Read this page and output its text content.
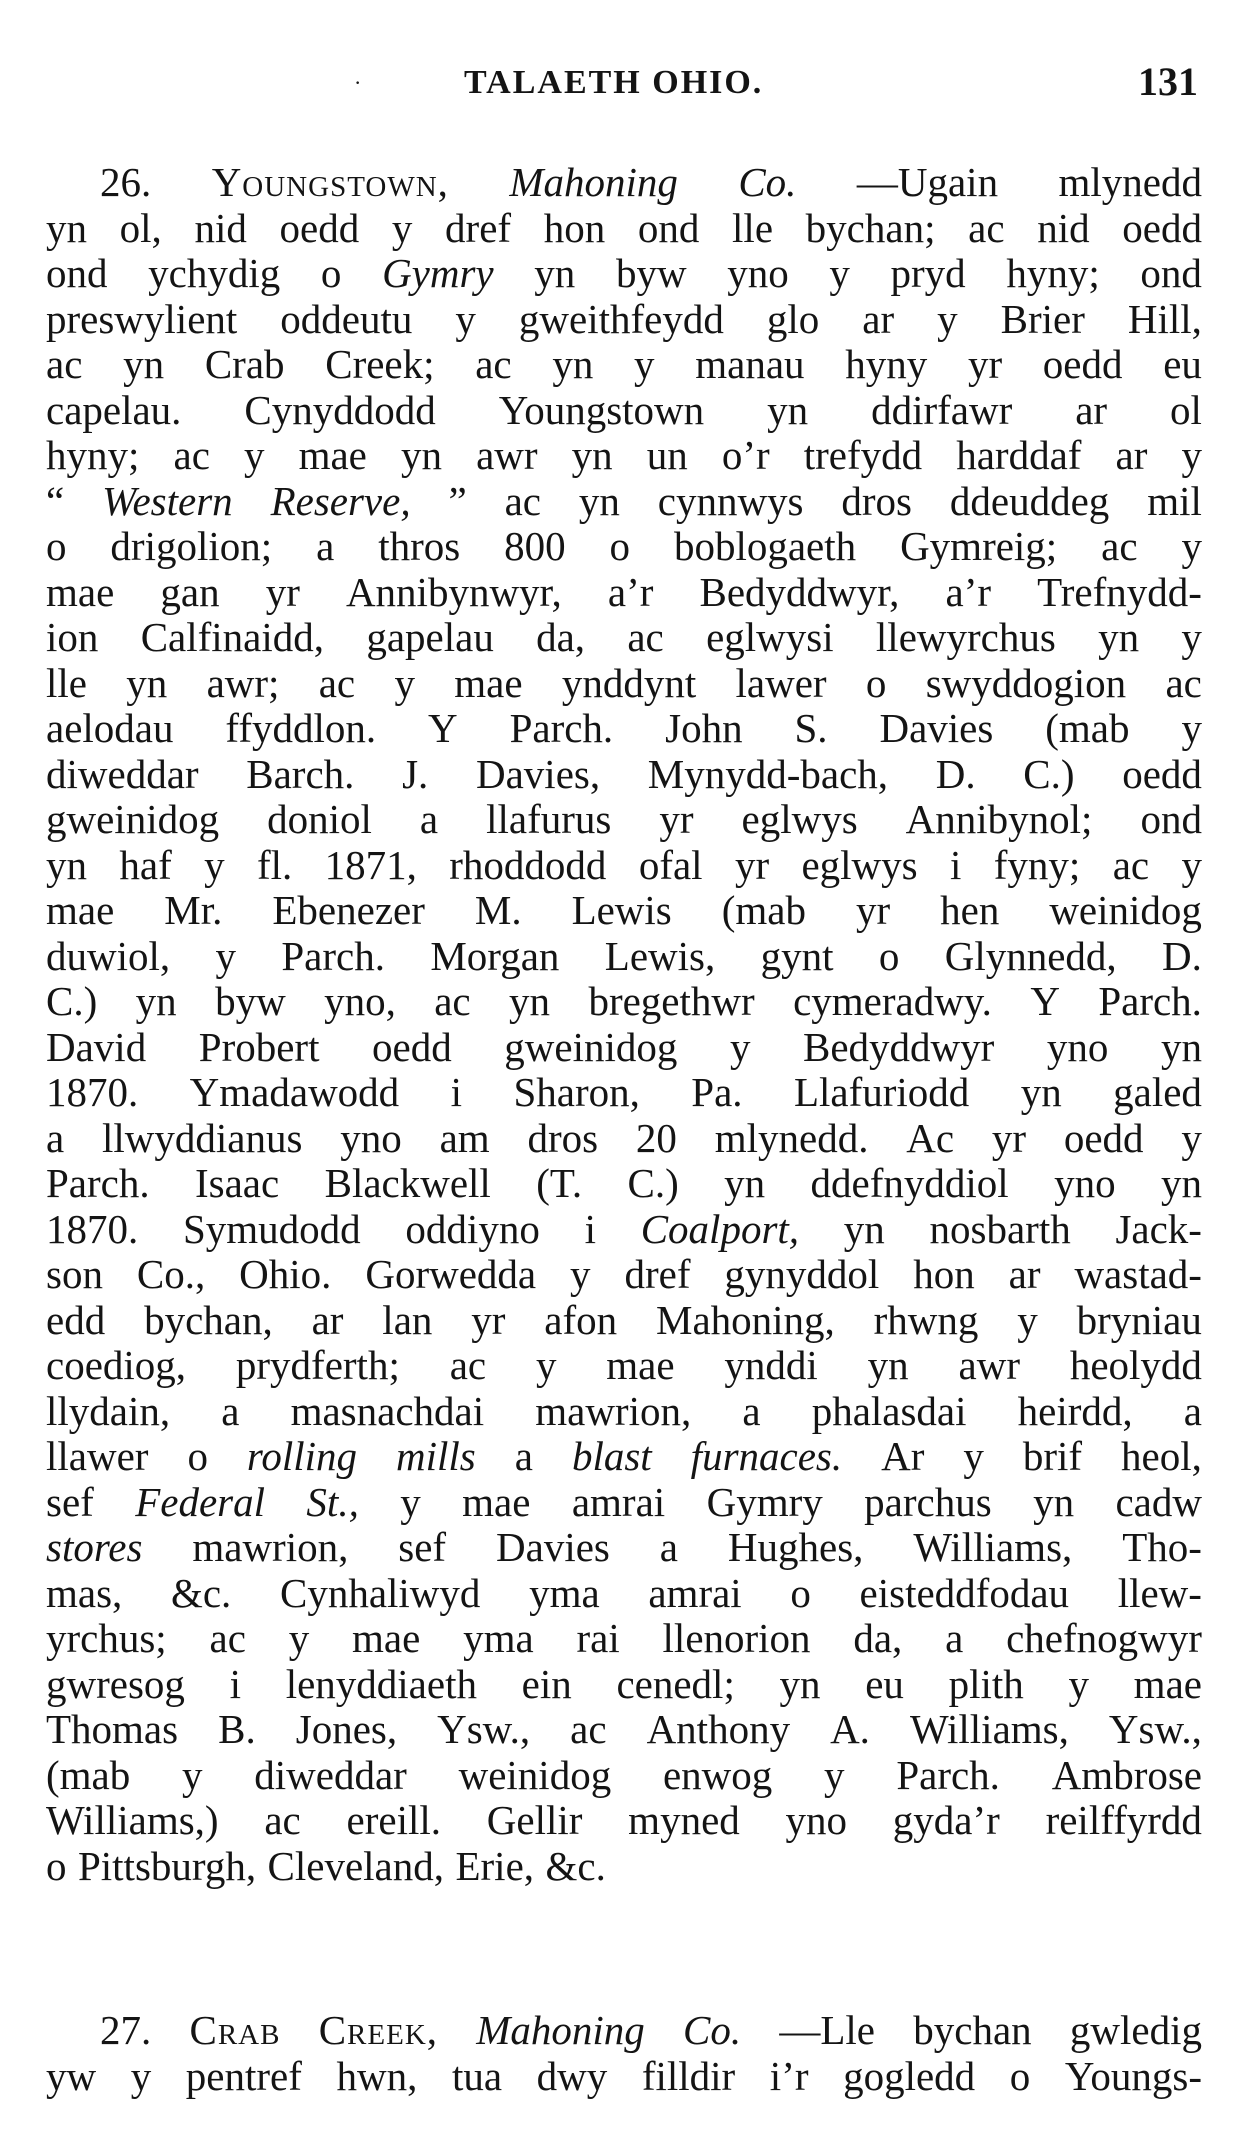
·	TALAETH OHIO.	131
26. Youngstown, Mahoning Co. —Ugain mlynedd
yn ol, nid oedd y dref hon ond lle bychan; ac nid oedd
ond ychydig o Gymry yn byw yno y pryd hyny; ond
preswylient oddeutu y gweithfeydd glo ar y Brier Hill,
ac yn Crab Creek; ac yn y manau hyny yr oedd eu
capelau. Cynyddodd Youngstown yn ddirfawr ar ol
hyny; ac y mae yn awr yn un o’r trefydd harddaf ar y
“ Western Reserve, ” ac yn cynnwys dros ddeuddeg mil
o drigolion; a thros 800 o boblogaeth Gymreig; ac y
mae gan yr Annibynwyr, a’r Bedyddwyr, a’r Trefnydd-
ion Calfinaidd, gapelau da, ac eglwysi llewyrchus yn y
lle yn awr; ac y mae ynddynt lawer o swyddogion ac
aelodau ffyddlon. Y Parch. John S. Davies (mab y
diweddar Barch. J. Davies, Mynydd-bach, D. C.) oedd
gweinidog doniol a llafurus yr eglwys Annibynol; ond
yn haf y fl. 1871, rhoddodd ofal yr eglwys i fyny; ac y
mae Mr. Ebenezer M. Lewis (mab yr hen weinidog
duwiol, y Parch. Morgan Lewis, gynt o Glynnedd, D.
C.) yn byw yno, ac yn bregethwr cymeradwy. Y Parch.
David Probert oedd gweinidog y Bedyddwyr yno yn
1870. Ymadawodd i Sharon, Pa. Llafuriodd yn galed
a llwyddianus yno am dros 20 mlynedd. Ac yr oedd y
Parch. Isaac Blackwell (T. C.) yn ddefnyddiol yno yn
1870. Symudodd oddiyno i Coalport, yn nosbarth Jack-
son Co., Ohio. Gorwedda y dref gynyddol hon ar wastad-
edd bychan, ar lan yr afon Mahoning, rhwng y bryniau
coediog, prydferth; ac y mae ynddi yn awr heolydd
llydain, a masnachdai mawrion, a phalasdai heirdd, a
llawer o rolling mills a blast furnaces. Ar y brif heol,
sef Federal St., y mae amrai Gymry parchus yn cadw
stores mawrion, sef Davies a Hughes, Williams, Tho-
mas, &c. Cynhaliwyd yma amrai o eisteddfodau llew-
yrchus; ac y mae yma rai llenorion da, a chefnogwyr
gwresog i lenyddiaeth ein cenedl; yn eu plith y mae
Thomas B. Jones, Ysw., ac Anthony A. Williams, Ysw.,
(mab y diweddar weinidog enwog y Parch. Ambrose
Williams,) ac ereill. Gellir myned yno gyda’r reilffyrdd
o Pittsburgh, Cleveland, Erie, &c.
27. Crab Creek, Mahoning Co. —Lle bychan gwledig
yw y pentref hwn, tua dwy filldir i’r gogledd o Youngs-
